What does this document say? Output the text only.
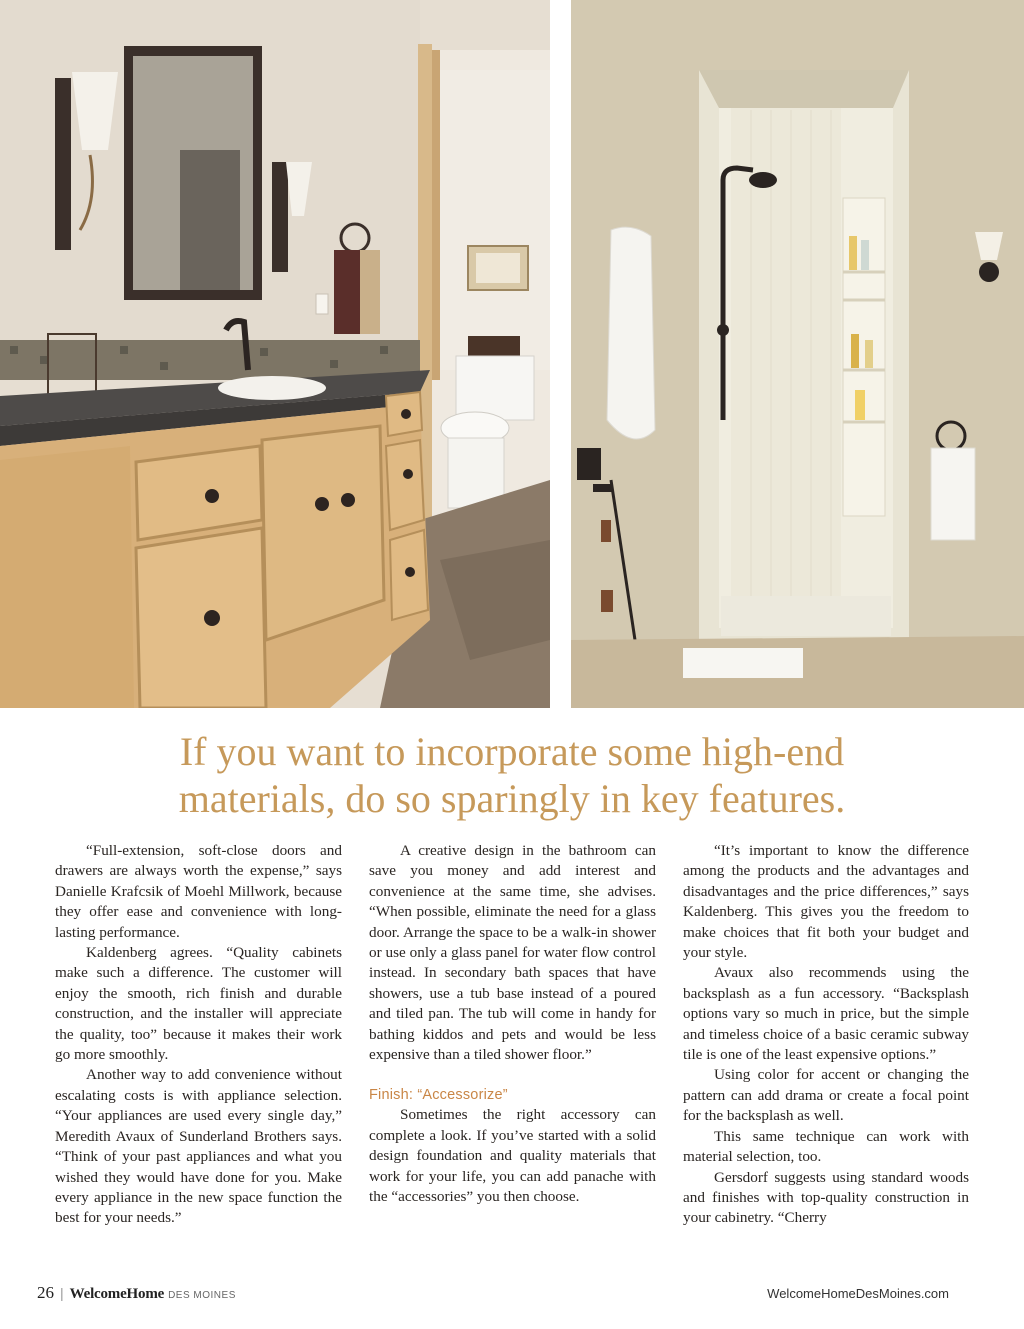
If you want to incorporate some high-end
materials, do so sparingly in key features.

“Full-extension, soft-close doors and drawers are always worth the expense,” says Danielle Krafcsik of Moehl Millwork, because they offer ease and convenience with long-lasting performance.

Kaldenberg agrees. “Quality cabinets make such a difference. The customer will enjoy the smooth, rich finish and durable construction, and the installer will appreciate the quality, too” because it makes their work go more smoothly.

Another way to add convenience without escalating costs is with appliance selection. “Your appliances are used every single day,” Meredith Avaux of Sunderland Brothers says. “Think of your past appliances and what you wished they would have done for you. Make every appliance in the new space function the best for your needs.”

A creative design in the bathroom can save you money and add interest and convenience at the same time, she advises. “When possible, eliminate the need for a glass door. Arrange the space to be a walk-in shower or use only a glass panel for water flow control instead. In secondary bath spaces that have showers, use a tub base instead of a poured and tiled pan. The tub will come in handy for bathing kiddos and pets and would be less expensive than a tiled shower floor.”

Finish: “Accessorize”

Sometimes the right accessory can complete a look. If you’ve started with a solid design foundation and quality materials that work for your life, you can add panache with the “accessories” you then choose.

“It’s important to know the difference among the products and the advantages and disadvantages and the price differences,” says Kaldenberg. This gives you the freedom to make choices that fit both your budget and your style.

Avaux also recommends using the backsplash as a fun accessory. “Backsplash options vary so much in price, but the simple and timeless choice of a basic ceramic subway tile is one of the least expensive options.”

Using color for accent or changing the pattern can add drama or create a focal point for the backsplash as well.

This same technique can work with material selection, too.

Gersdorf suggests using standard woods and finishes with top-quality construction in your cabinetry. “Cherry

26 | WelcomeHome DES MOINES	WelcomeHomeDesMoines.com
